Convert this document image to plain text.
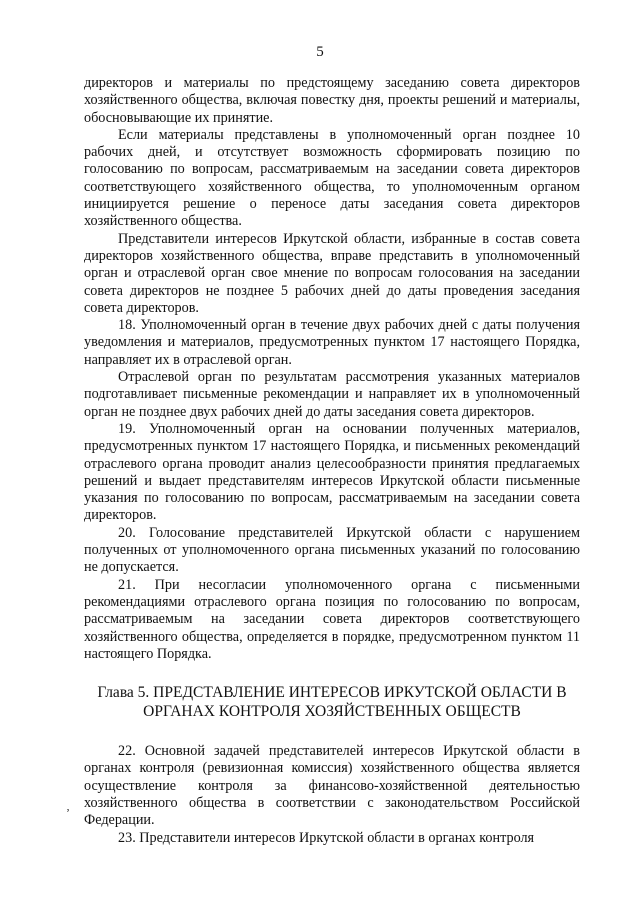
5

директоров и материалы по предстоящему заседанию совета директоров хозяйственного общества, включая повестку дня, проекты решений и материалы, обосновывающие их принятие.

Если материалы представлены в уполномоченный орган позднее 10 рабочих дней, и отсутствует возможность сформировать позицию по голосованию по вопросам, рассматриваемым на заседании совета директоров соответствующего хозяйственного общества, то уполномоченным органом инициируется решение о переносе даты заседания совета директоров хозяйственного общества.

Представители интересов Иркутской области, избранные в состав совета директоров хозяйственного общества, вправе представить в уполномоченный орган и отраслевой орган свое мнение по вопросам голосования на заседании совета директоров не позднее 5 рабочих дней до даты проведения заседания совета директоров.

18. Уполномоченный орган в течение двух рабочих дней с даты получения уведомления и материалов, предусмотренных пунктом 17 настоящего Порядка, направляет их в отраслевой орган.

Отраслевой орган по результатам рассмотрения указанных материалов подготавливает письменные рекомендации и направляет их в уполномоченный орган не позднее двух рабочих дней до даты заседания совета директоров.

19. Уполномоченный орган на основании полученных материалов, предусмотренных пунктом 17 настоящего Порядка, и письменных рекомендаций отраслевого органа проводит анализ целесообразности принятия предлагаемых решений и выдает представителям интересов Иркутской области письменные указания по голосованию по вопросам, рассматриваемым на заседании совета директоров.

20. Голосование представителей Иркутской области с нарушением полученных от уполномоченного органа письменных указаний по голосованию не допускается.

21. При несогласии уполномоченного органа с письменными рекомендациями отраслевого органа позиция по голосованию по вопросам, рассматриваемым на заседании совета директоров соответствующего хозяйственного общества, определяется в порядке, предусмотренном пунктом 11 настоящего Порядка.

Глава 5. ПРЕДСТАВЛЕНИЕ ИНТЕРЕСОВ ИРКУТСКОЙ ОБЛАСТИ В
ОРГАНАХ КОНТРОЛЯ ХОЗЯЙСТВЕННЫХ ОБЩЕСТВ

22. Основной задачей представителей интересов Иркутской области в органах контроля (ревизионная комиссия) хозяйственного общества является осуществление контроля за финансово-хозяйственной деятельностью хозяйственного общества в соответствии с законодательством Российской Федерации.

23. Представители интересов Иркутской области в органах контроля

ʼ
